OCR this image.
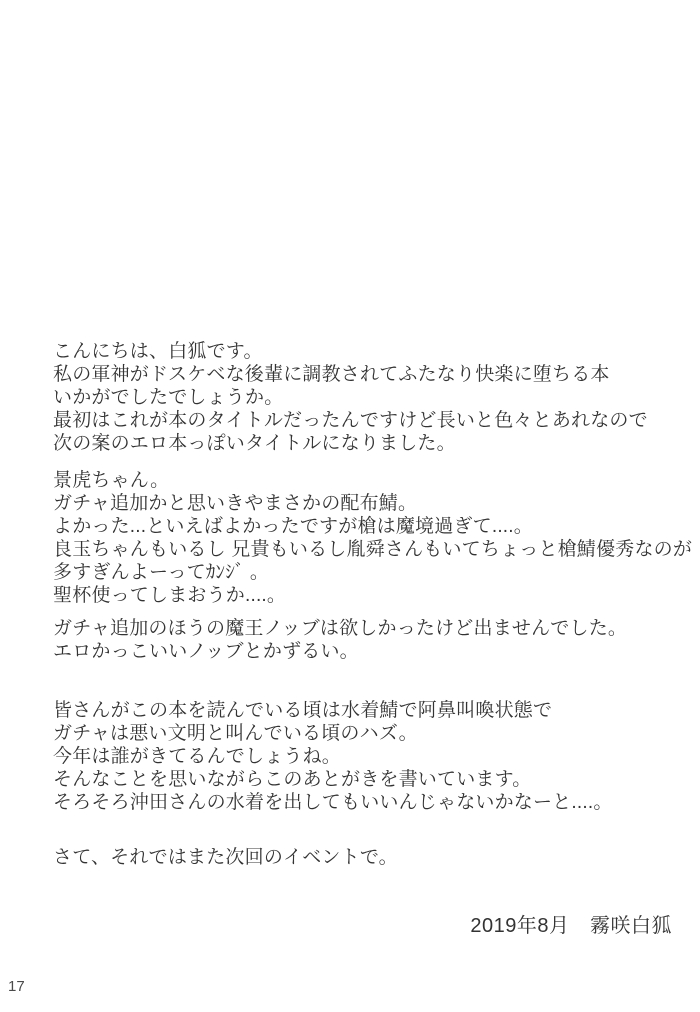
こんにちは、白狐です。
私の軍神がドスケベな後輩に調教されてふたなり快楽に堕ちる本
いかがでしたでしょうか。
最初はこれが本のタイトルだったんですけど長いと色々とあれなので
次の案のエロ本っぽいタイトルになりました。
景虎ちゃん。
ガチャ追加かと思いきやまさかの配布鯖。
よかった...といえばよかったですが槍は魔境過ぎて....。
良玉ちゃんもいるし 兄貴もいるし胤舜さんもいてちょっと槍鯖優秀なのが
多すぎんよーってｶﾝｼﾞ 。
聖杯使ってしまおうか....。
ガチャ追加のほうの魔王ノッブは欲しかったけど出ませんでした。
エロかっこいいノッブとかずるい。
皆さんがこの本を読んでいる頃は水着鯖で阿鼻叫喚状態で
ガチャは悪い文明と叫んでいる頃のハズ。
今年は誰がきてるんでしょうね。
そんなことを思いながらこのあとがきを書いています。
そろそろ沖田さんの水着を出してもいいんじゃないかなーと....。
さて、それではまた次回のイベントで。
2019年8月　霧咲白狐
17
